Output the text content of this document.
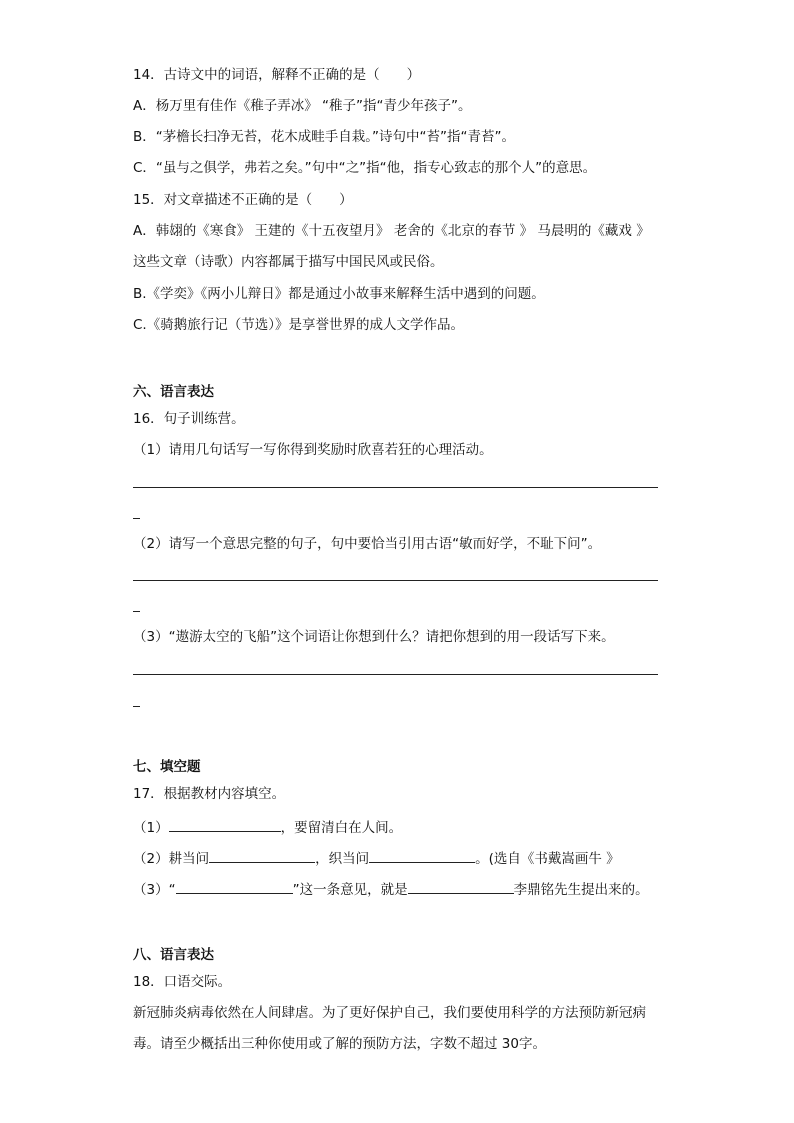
14．古诗文中的词语，解释不正确的是（　　）
A．杨万里有佳作《稚子弄冰》 “稚子”指“青少年孩子”。
B．“茅檐长扫净无苔，花木成畦手自栽。”诗句中“苔”指“青苔”。
C．“虽与之俱学，弗若之矣。”句中“之”指“他，指专心致志的那个人”的意思。
15．对文章描述不正确的是（　　）
A．韩翃的《寒食》 王建的《十五夜望月》 老舍的《北京的春节 》 马晨明的《藏戏 》
这些文章（诗歌）内容都属于描写中国民风或民俗。
B.《学奕》《两小儿辩日》都是通过小故事来解释生活中遇到的问题。
C.《骑鹅旅行记（节选）》是享誉世界的成人文学作品。
六、语言表达
16．句子训练营。
（1）请用几句话写一写你得到奖励时欣喜若狂的心理活动。
（2）请写一个意思完整的句子，句中要恰当引用古语“敏而好学，不耻下问”。
（3）“遨游太空的飞船”这个词语让你想到什么？请把你想到的用一段话写下来。
七、填空题
17．根据教材内容填空。
（1）	，要留清白在人间。
（2）耕当问	，织当问	。(选自《书戴嵩画牛 》
（3）“	”这一条意见，就是	李鼎铭先生提出来的。
八、语言表达
18．口语交际。
新冠肺炎病毒依然在人间肆虐。为了更好保护自己，我们要使用科学的方法预防新冠病
毒。请至少概括出三种你使用或了解的预防方法，字数不超过 30字。
